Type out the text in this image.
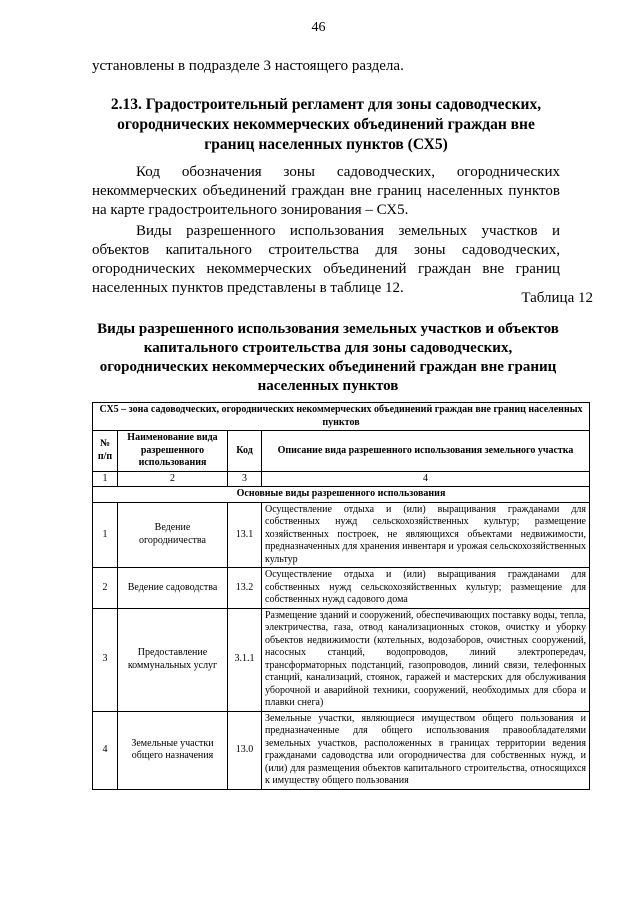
46
установлены в подразделе 3 настоящего раздела.
2.13. Градостроительный регламент для зоны садоводческих, огороднических некоммерческих объединений граждан вне границ населенных пунктов (СХ5)
Код обозначения зоны садоводческих, огороднических некоммерческих объединений граждан вне границ населенных пунктов на карте градостроительного зонирования – СХ5.
Виды разрешенного использования земельных участков и объектов капитального строительства для зоны садоводческих, огороднических некоммерческих объединений граждан вне границ населенных пунктов представлены в таблице 12.
Таблица 12
Виды разрешенного использования земельных участков и объектов капитального строительства для зоны садоводческих, огороднических некоммерческих объединений граждан вне границ населенных пунктов
СХ5 – зона садоводческих, огороднических некоммерческих объединений граждан вне границ населенных пунктов			
№ п/п	Наименование вида разрешенного использования	Код	Описание вида разрешенного использования земельного участка
1	2	3	4
Основные виды разрешенного использования			
1	Ведение огородничества	13.1	Осуществление отдыха и (или) выращивания гражданами для собственных нужд сельскохозяйственных культур; размещение хозяйственных построек, не являющихся объектами недвижимости, предназначенных для хранения инвентаря и урожая сельскохозяйственных культур
2	Ведение садоводства	13.2	Осуществление отдыха и (или) выращивания гражданами для собственных нужд сельскохозяйственных культур; размещение для собственных нужд садового дома
3	Предоставление коммунальных услуг	3.1.1	Размещение зданий и сооружений, обеспечивающих поставку воды, тепла, электричества, газа, отвод канализационных стоков, очистку и уборку объектов недвижимости (котельных, водозаборов, очистных сооружений, насосных станций, водопроводов, линий электропередач, трансформаторных подстанций, газопроводов, линий связи, телефонных станций, канализаций, стоянок, гаражей и мастерских для обслуживания уборочной и аварийной техники, сооружений, необходимых для сбора и плавки снега)
4	Земельные участки общего назначения	13.0	Земельные участки, являющиеся имуществом общего пользования и предназначенные для общего использования правообладателями земельных участков, расположенных в границах территории ведения гражданами садоводства или огородничества для собственных нужд, и (или) для размещения объектов капитального строительства, относящихся к имуществу общего пользования
